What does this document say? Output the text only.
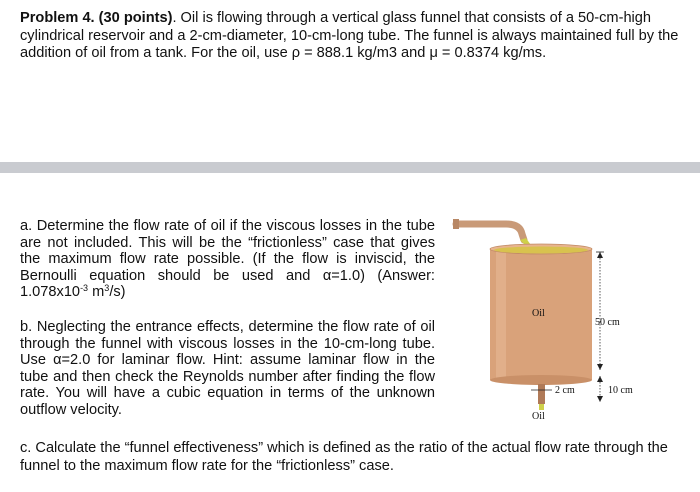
Problem 4. (30 points). Oil is flowing through a vertical glass funnel that consists of a 50-cm-high cylindrical reservoir and a 2-cm-diameter, 10-cm-long tube. The funnel is always maintained full by the addition of oil from a tank. For the oil, use ρ = 888.1 kg/m3 and μ = 0.8374 kg/ms.
a. Determine the flow rate of oil if the viscous losses in the tube are not included. This will be the “frictionless” case that gives the maximum flow rate possible. (If the flow is inviscid, the Bernoulli equation should be used and α=1.0) (Answer: $1.078x10^{-3}$ $m^3/s$)
b. Neglecting the entrance effects, determine the flow rate of oil through the funnel with viscous losses in the 10-cm-long tube. Use α=2.0 for laminar flow. Hint: assume laminar flow in the tube and then check the Reynolds number after finding the flow rate. You will have a cubic equation in terms of the unknown outflow velocity.
c. Calculate the “funnel effectiveness” which is defined as the ratio of the actual flow rate through the funnel to the maximum flow rate for the “frictionless” case.
Oil
2 cm
Oil
50 cm
10 cm
